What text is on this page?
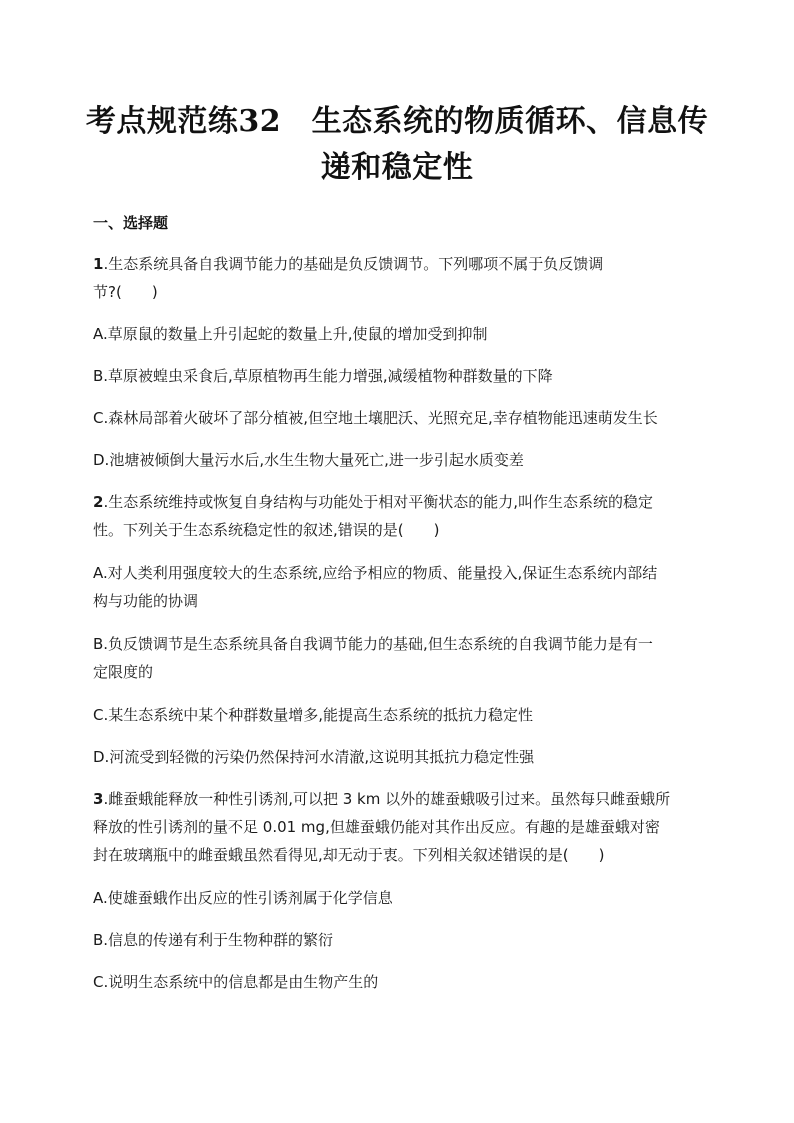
考点规范练32　生态系统的物质循环、信息传
递和稳定性
一、选择题
1.生态系统具备自我调节能力的基础是负反馈调节。下列哪项不属于负反馈调
节?(　　)
A.草原鼠的数量上升引起蛇的数量上升,使鼠的增加受到抑制
B.草原被蝗虫采食后,草原植物再生能力增强,减缓植物种群数量的下降
C.森林局部着火破坏了部分植被,但空地土壤肥沃、光照充足,幸存植物能迅速萌发生长
D.池塘被倾倒大量污水后,水生生物大量死亡,进一步引起水质变差
2.生态系统维持或恢复自身结构与功能处于相对平衡状态的能力,叫作生态系统的稳定
性。下列关于生态系统稳定性的叙述,错误的是(　　)
A.对人类利用强度较大的生态系统,应给予相应的物质、能量投入,保证生态系统内部结
构与功能的协调
B.负反馈调节是生态系统具备自我调节能力的基础,但生态系统的自我调节能力是有一
定限度的
C.某生态系统中某个种群数量增多,能提高生态系统的抵抗力稳定性
D.河流受到轻微的污染仍然保持河水清澈,这说明其抵抗力稳定性强
3.雌蚕蛾能释放一种性引诱剂,可以把 3 km 以外的雄蚕蛾吸引过来。虽然每只雌蚕蛾所
释放的性引诱剂的量不足 0.01 mg,但雄蚕蛾仍能对其作出反应。有趣的是雄蚕蛾对密
封在玻璃瓶中的雌蚕蛾虽然看得见,却无动于衷。下列相关叙述错误的是(　　)
A.使雄蚕蛾作出反应的性引诱剂属于化学信息
B.信息的传递有利于生物种群的繁衍
C.说明生态系统中的信息都是由生物产生的
